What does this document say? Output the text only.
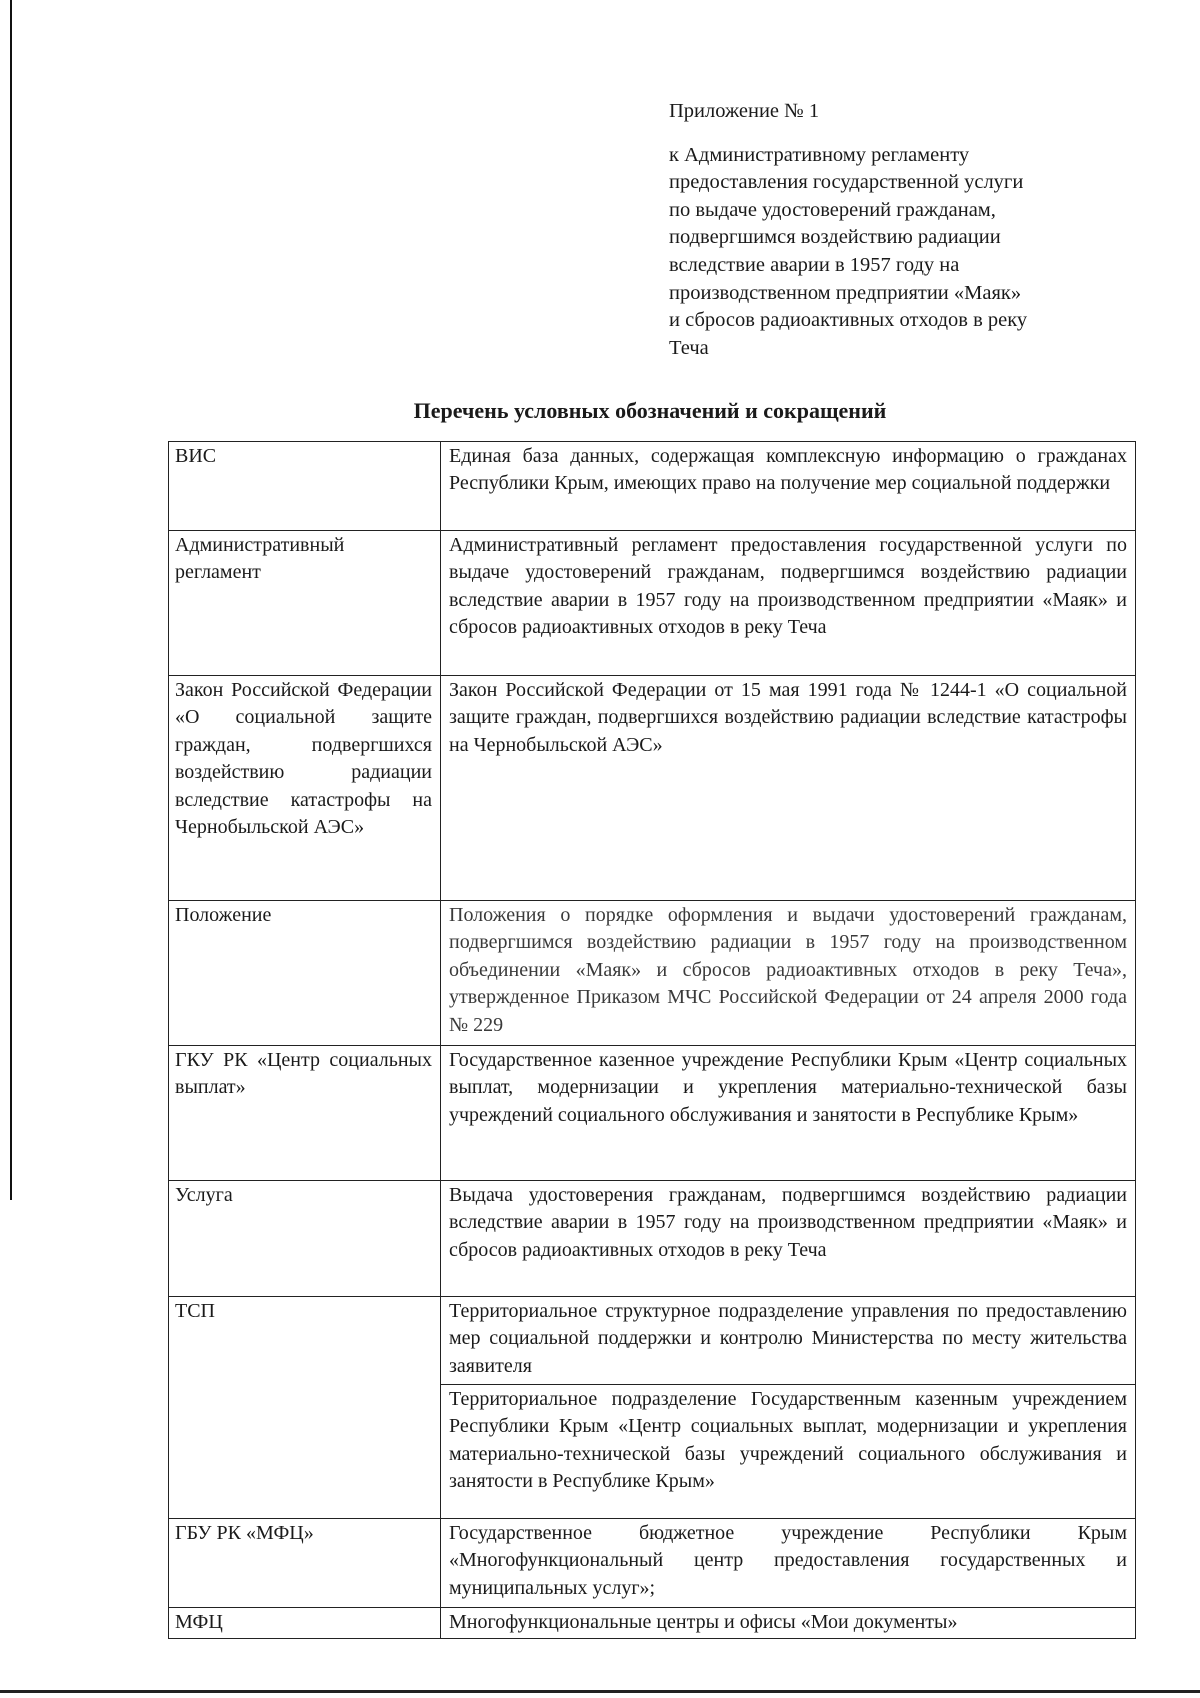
Приложение № 1
к Административному регламенту
предоставления государственной услуги
по выдаче удостоверений гражданам,
подвергшимся воздействию радиации
вследствие аварии в 1957 году на
производственном предприятии «Маяк»
и сбросов радиоактивных отходов в реку
Теча
Перечень условных обозначений и сокращений
ВИС	Единая база данных, содержащая комплексную информацию о гражданах Республики Крым, имеющих право на получение мер социальной поддержки

Административный регламент	Административный регламент предоставления государственной услуги по выдаче удостоверений гражданам, подвергшимся воздействию радиации вследствие аварии в 1957 году на производственном предприятии «Маяк» и сбросов радиоактивных отходов в реку Теча

Закон Российской Федерации «О социальной защите граждан, подвергшихся воздействию радиации вследствие катастрофы на Чернобыльской АЭС»	Закон Российской Федерации от 15 мая 1991 года № 1244-1 «О социальной защите граждан, подвергшихся воздействию радиации вследствие катастрофы на Чернобыльской АЭС»

Положение	Положения о порядке оформления и выдачи удостоверений гражданам, подвергшимся воздействию радиации в 1957 году на производственном объединении «Маяк» и сбросов радиоактивных отходов в реку Теча», утвержденное Приказом МЧС Российской Федерации от 24 апреля 2000 года № 229

ГКУ РК «Центр социальных выплат»	Государственное казенное учреждение Республики Крым «Центр социальных выплат, модернизации и укрепления материально-технической базы учреждений социального обслуживания и занятости в Республике Крым»

Услуга	Выдача удостоверения гражданам, подвергшимся воздействию радиации вследствие аварии в 1957 году на производственном предприятии «Маяк» и сбросов радиоактивных отходов в реку Теча

ТСП	Территориальное структурное подразделение управления по предоставлению мер социальной поддержки и контролю Министерства по месту жительства заявителя

	Территориальное подразделение Государственным казенным учреждением Республики Крым «Центр социальных выплат, модернизации и укрепления материально-технической базы учреждений социального обслуживания и занятости в Республике Крым»

ГБУ РК «МФЦ»	Государственное бюджетное учреждение Республики Крым «Многофункциональный центр предоставления государственных и муниципальных услуг»;

МФЦ	Многофункциональные центры и офисы «Мои документы»
